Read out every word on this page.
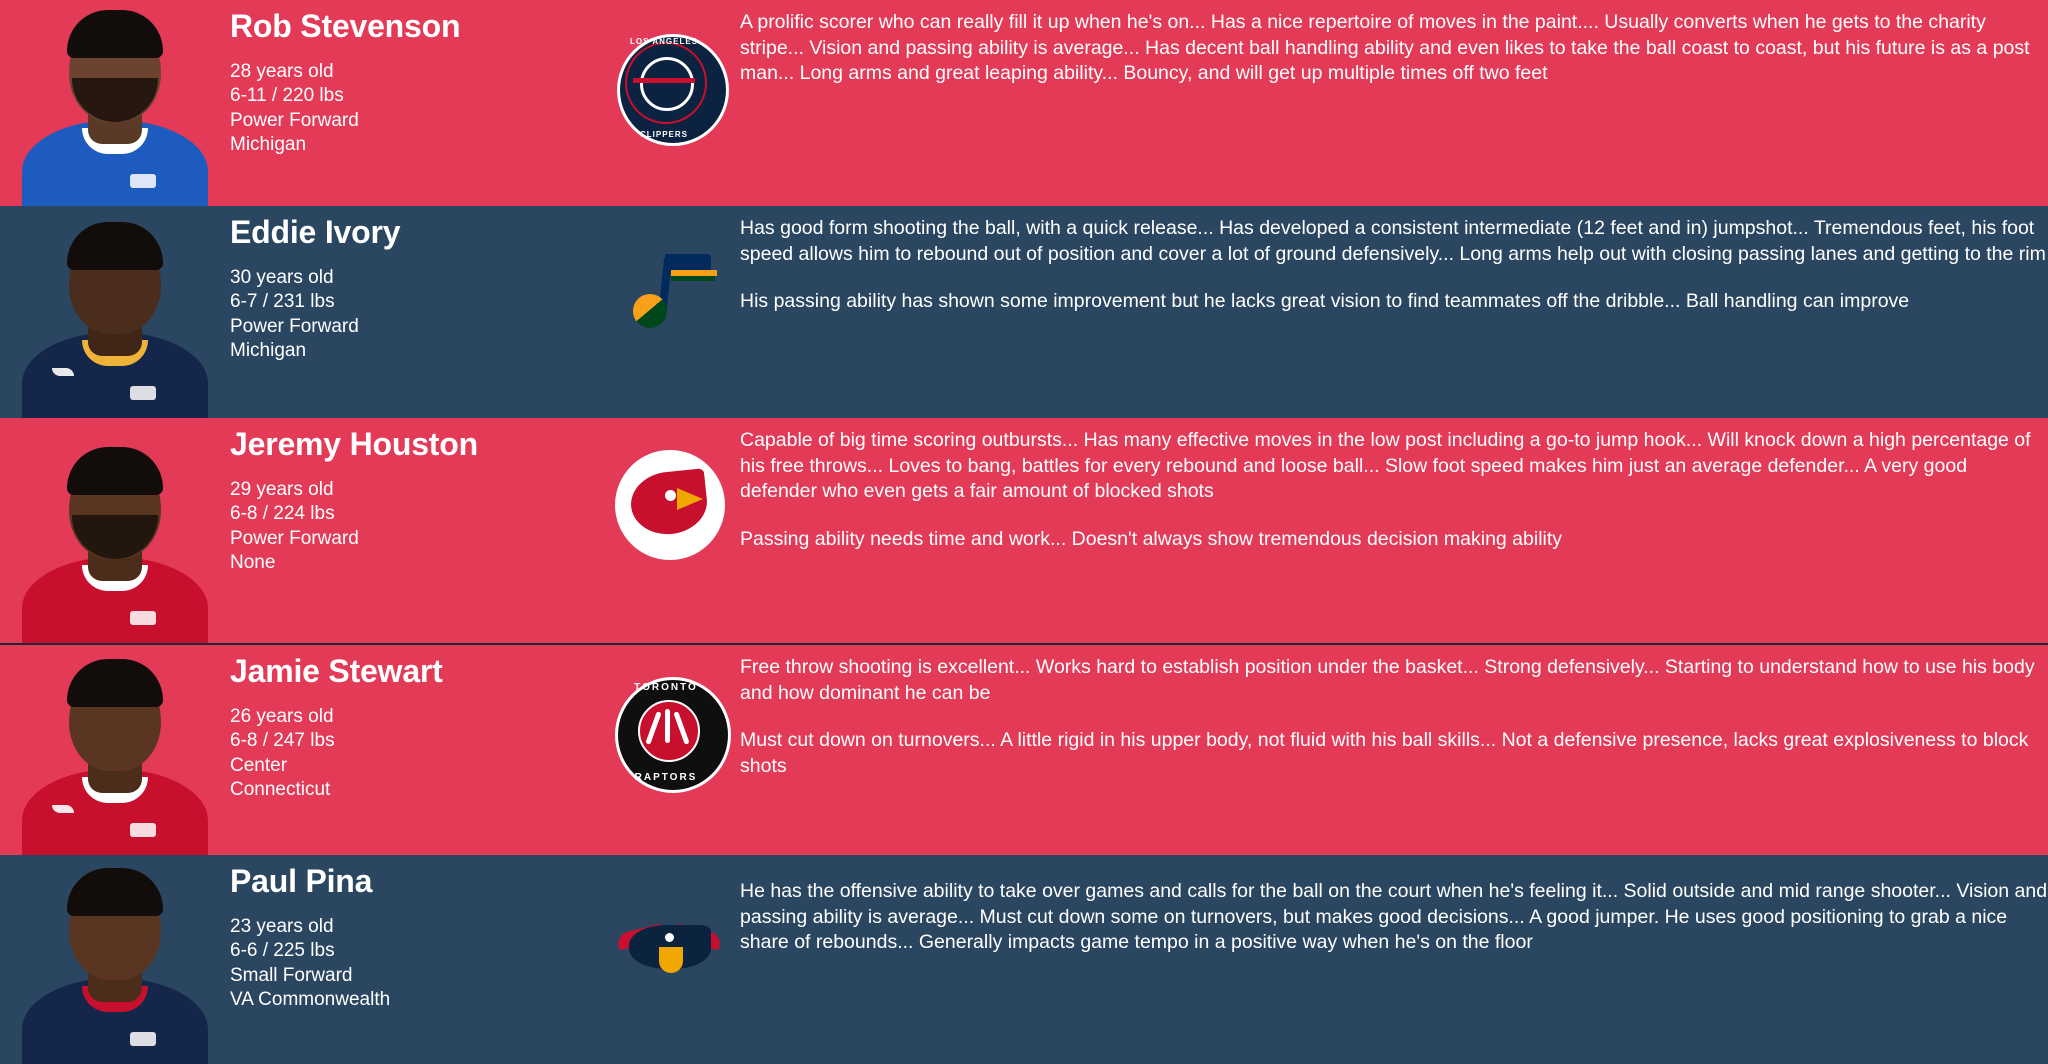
Rob Stevenson
28 years old
6-11 / 220 lbs
Power Forward
Michigan
LOS ANGELES
CLIPPERS

A prolific scorer who can really fill it up when he's on... Has a nice repertoire of moves in the paint.... Usually converts when he gets to the charity stripe... Vision and passing ability is average... Has decent ball handling ability and even likes to take the ball coast to coast, but his future is as a post man... Long arms and great leaping ability... Bouncy, and will get up multiple times off two feet

Eddie Ivory
30 years old
6-7 / 231 lbs
Power Forward
Michigan

Has good form shooting the ball, with a quick release... Has developed a consistent intermediate (12 feet and in) jumpshot... Tremendous feet, his foot speed allows him to rebound out of position and cover a lot of ground defensively... Long arms help out with closing passing lanes and getting to the rim

His passing ability has shown some improvement but he lacks great vision to find teammates off the dribble... Ball handling can improve

Jeremy Houston
29 years old
6-8 / 224 lbs
Power Forward
None

Capable of big time scoring outbursts... Has many effective moves in the low post including a go-to jump hook... Will knock down a high percentage of his free throws... Loves to bang, battles for every rebound and loose ball... Slow foot speed makes him just an average defender... A very good defender who even gets a fair amount of blocked shots

Passing ability needs time and work... Doesn't always show tremendous decision making ability

Jamie Stewart
26 years old
6-8 / 247 lbs
Center
Connecticut
TORONTO
RAPTORS

Free throw shooting is excellent... Works hard to establish position under the basket... Strong defensively... Starting to understand how to use his body and how dominant he can be

Must cut down on turnovers... A little rigid in his upper body, not fluid with his ball skills... Not a defensive presence, lacks great explosiveness to block shots

Paul Pina
23 years old
6-6 / 225 lbs
Small Forward
VA Commonwealth

He has the offensive ability to take over games and calls for the ball on the court when he's feeling it... Solid outside and mid range shooter... Vision and passing ability is average... Must cut down some on turnovers, but makes good decisions... A good jumper. He uses good positioning to grab a nice share of rebounds... Generally impacts game tempo in a positive way when he's on the floor
